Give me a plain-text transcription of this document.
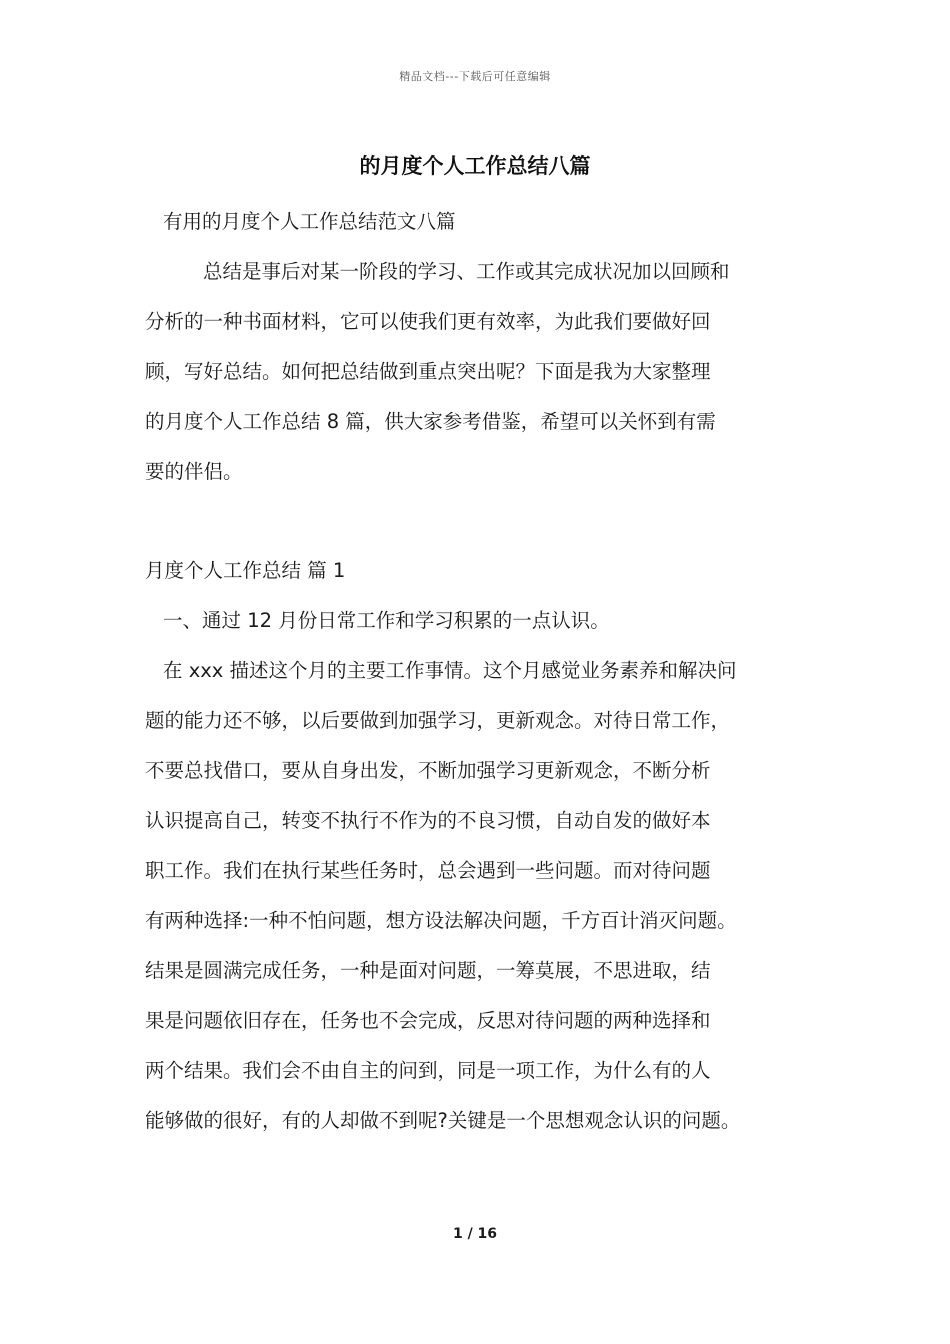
精品文档---下载后可任意编辑
的月度个人工作总结八篇
有用的月度个人工作总结范文八篇
总结是事后对某一阶段的学习、工作或其完成状况加以回顾和
分析的一种书面材料，它可以使我们更有效率，为此我们要做好回
顾，写好总结。如何把总结做到重点突出呢？下面是我为大家整理
的月度个人工作总结 8 篇，供大家参考借鉴，希望可以关怀到有需
要的伴侣。
月度个人工作总结 篇 1
一、通过 12 月份日常工作和学习积累的一点认识。
在 xxx 描述这个月的主要工作事情。这个月感觉业务素养和解决问
题的能力还不够，以后要做到加强学习，更新观念。对待日常工作，
不要总找借口，要从自身出发，不断加强学习更新观念，不断分析
认识提高自己，转变不执行不作为的不良习惯，自动自发的做好本
职工作。我们在执行某些任务时，总会遇到一些问题。而对待问题
有两种选择:一种不怕问题，想方设法解决问题，千方百计消灭问题。
结果是圆满完成任务，一种是面对问题，一筹莫展，不思进取，结
果是问题依旧存在，任务也不会完成，反思对待问题的两种选择和
两个结果。我们会不由自主的问到，同是一项工作，为什么有的人
能够做的很好，有的人却做不到呢?关键是一个思想观念认识的问题。
1 / 16
